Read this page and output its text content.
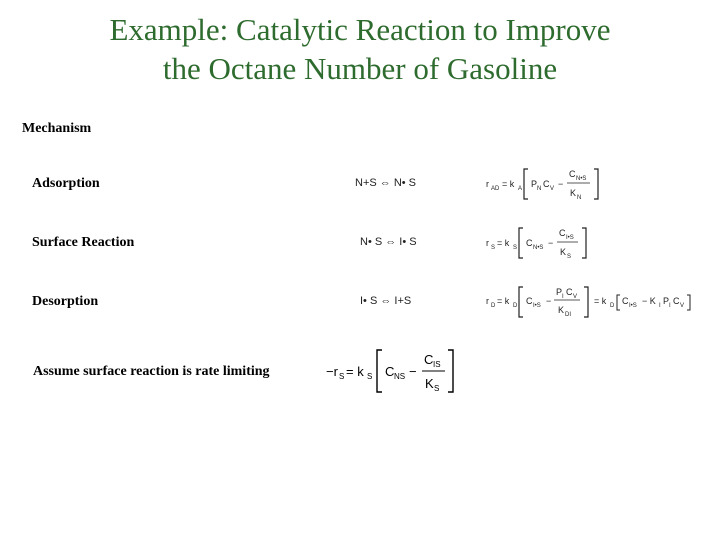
Example: Catalytic Reaction to Improve
the Octane Number of Gasoline
Mechanism
Adsorption
Surface Reaction
Desorption
N+S ⇔ N• S
N• S ⇔ I• S
I• S ⇔ I+S
r AD = k A P N C V −
C N•S
K N
r S = k S C N•S −
C I•S
K S
r D = k D C I•S −
P I C V
K DI
= k D C I•S − K I P I C V
Assume surface reaction is rate limiting	−r S = k S C NS −
C IS
K S
